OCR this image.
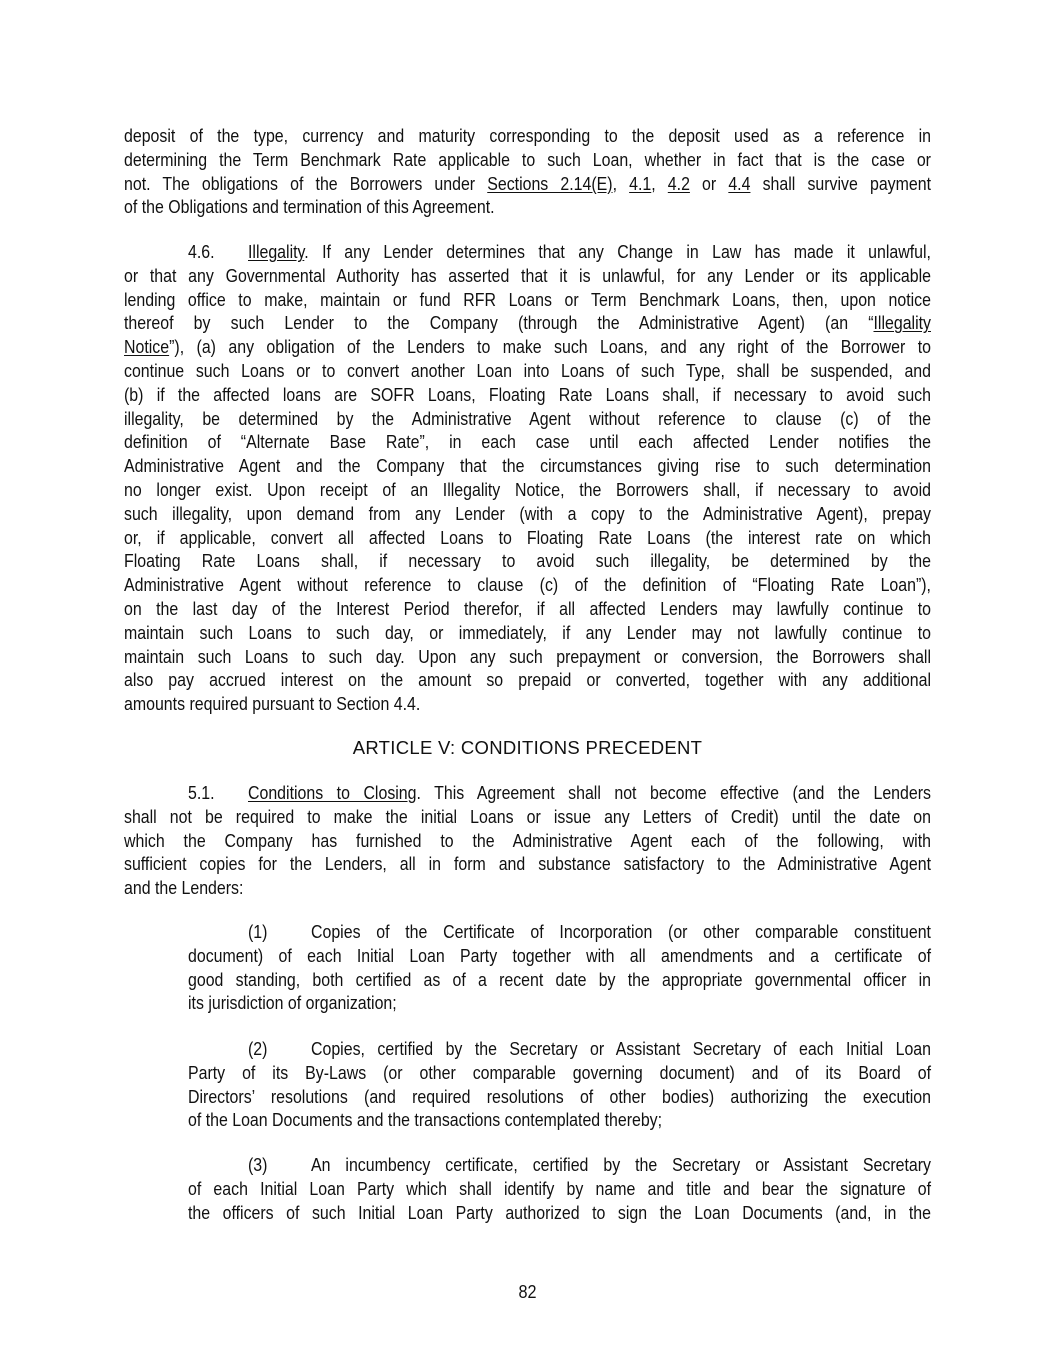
deposit of the type, currency and maturity corresponding to the deposit used as a reference in
determining the Term Benchmark Rate applicable to such Loan, whether in fact that is the case or
not. The obligations of the Borrowers under Sections 2.14(E), 4.1, 4.2 or 4.4 shall survive payment
of the Obligations and termination of this Agreement.
4.6. Illegality. If any Lender determines that any Change in Law has made it unlawful,
or that any Governmental Authority has asserted that it is unlawful, for any Lender or its applicable
lending office to make, maintain or fund RFR Loans or Term Benchmark Loans, then, upon notice
thereof by such Lender to the Company (through the Administrative Agent) (an “Illegality
Notice”), (a) any obligation of the Lenders to make such Loans, and any right of the Borrower to
continue such Loans or to convert another Loan into Loans of such Type, shall be suspended, and
(b) if the affected loans are SOFR Loans, Floating Rate Loans shall, if necessary to avoid such
illegality, be determined by the Administrative Agent without reference to clause (c) of the
definition of “Alternate Base Rate”, in each case until each affected Lender notifies the
Administrative Agent and the Company that the circumstances giving rise to such determination
no longer exist. Upon receipt of an Illegality Notice, the Borrowers shall, if necessary to avoid
such illegality, upon demand from any Lender (with a copy to the Administrative Agent), prepay
or, if applicable, convert all affected Loans to Floating Rate Loans (the interest rate on which
Floating Rate Loans shall, if necessary to avoid such illegality, be determined by the
Administrative Agent without reference to clause (c) of the definition of “Floating Rate Loan”),
on the last day of the Interest Period therefor, if all affected Lenders may lawfully continue to
maintain such Loans to such day, or immediately, if any Lender may not lawfully continue to
maintain such Loans to such day. Upon any such prepayment or conversion, the Borrowers shall
also pay accrued interest on the amount so prepaid or converted, together with any additional
amounts required pursuant to Section 4.4.
5.1. Conditions to Closing. This Agreement shall not become effective (and the Lenders
shall not be required to make the initial Loans or issue any Letters of Credit) until the date on
which the Company has furnished to the Administrative Agent each of the following, with
sufficient copies for the Lenders, all in form and substance satisfactory to the Administrative Agent
and the Lenders:
(1) Copies of the Certificate of Incorporation (or other comparable constituent
document) of each Initial Loan Party together with all amendments and a certificate of
good standing, both certified as of a recent date by the appropriate governmental officer in
its jurisdiction of organization;
(2) Copies, certified by the Secretary or Assistant Secretary of each Initial Loan
Party of its By-Laws (or other comparable governing document) and of its Board of
Directors’ resolutions (and required resolutions of other bodies) authorizing the execution
of the Loan Documents and the transactions contemplated thereby;
(3) An incumbency certificate, certified by the Secretary or Assistant Secretary
of each Initial Loan Party which shall identify by name and title and bear the signature of
the officers of such Initial Loan Party authorized to sign the Loan Documents (and, in the
ARTICLE V: CONDITIONS PRECEDENT
82
